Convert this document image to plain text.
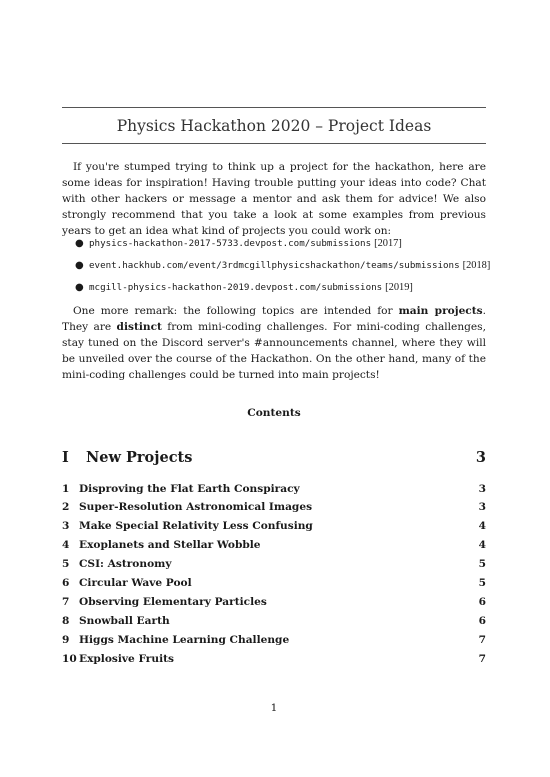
Physics Hackathon 2020 – Project Ideas

If you're stumped trying to think up a project for the hackathon, here are some ideas for inspiration! Having trouble putting your ideas into code? Chat with other hackers or message a mentor and ask them for advice! We also strongly recommend that you take a look at some examples from previous years to get an idea what kind of projects you could work on:

● physics-hackathon-2017-5733.devpost.com/submissions [2017]
● event.hackhub.com/event/3rdmcgillphysicshackathon/teams/submissions [2018]
● mcgill-physics-hackathon-2019.devpost.com/submissions [2019]

One more remark: the following topics are intended for main projects. They are distinct from mini-coding challenges. For mini-coding challenges, stay tuned on the Discord server's #announcements channel, where they will be unveiled over the course of the Hackathon. On the other hand, many of the mini-coding challenges could be turned into main projects!

Contents
I New Projects	3
1 Disproving the Flat Earth Conspiracy	3
2 Super-Resolution Astronomical Images	3
3 Make Special Relativity Less Confusing	4
4 Exoplanets and Stellar Wobble	4
5 CSI: Astronomy	5
6 Circular Wave Pool	5
7 Observing Elementary Particles	6
8 Snowball Earth	6
9 Higgs Machine Learning Challenge	7
10 Explosive Fruits	7
1
